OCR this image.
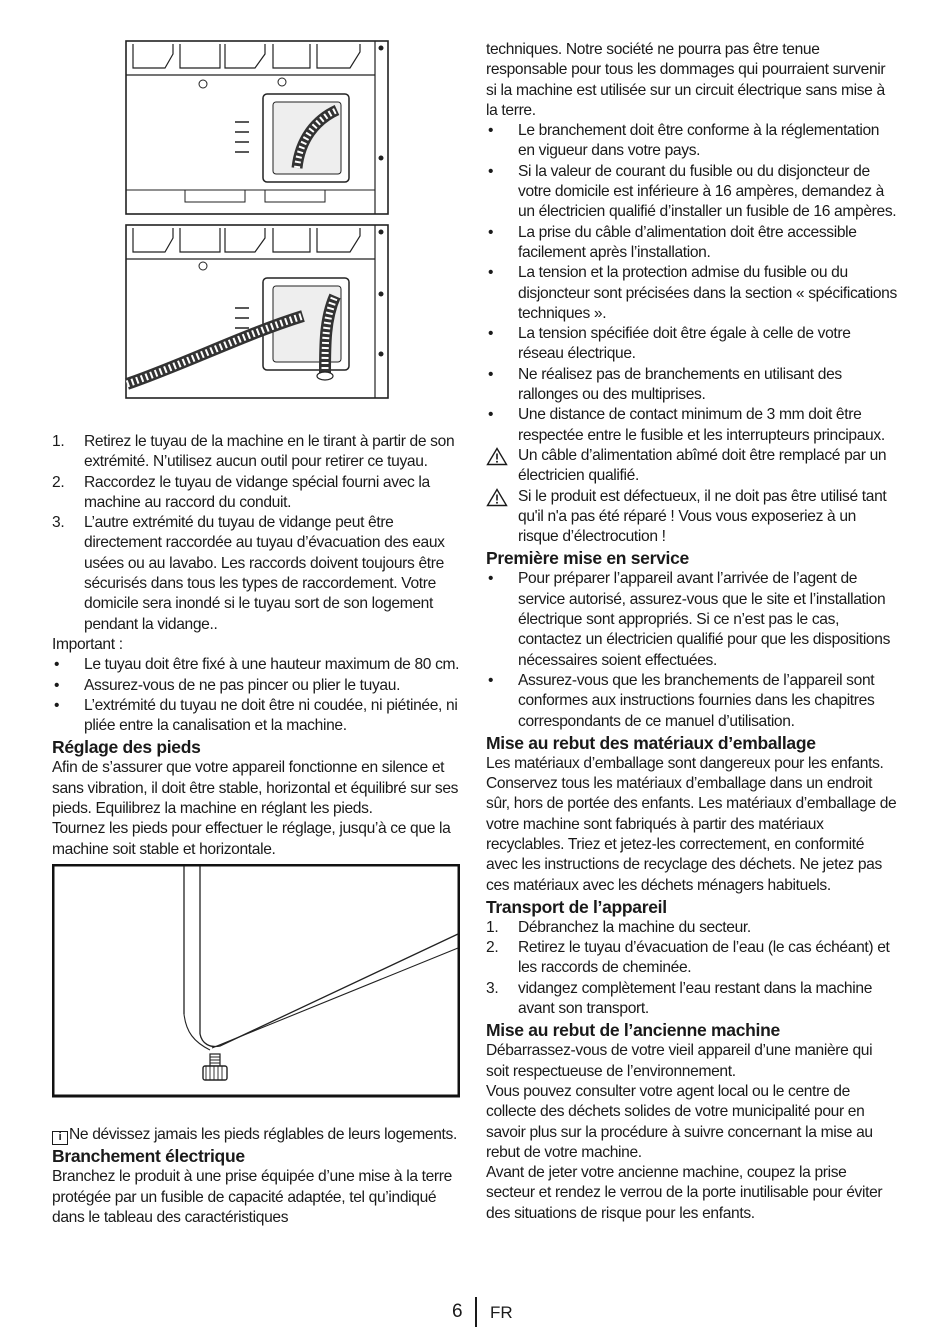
1.	Retirez le tuyau de la machine en le tirant à partir de son extrémité. N’utilisez aucun outil pour retirer ce tuyau.
2.	Raccordez le tuyau de vidange spécial fourni avec la machine au raccord du conduit.
3.	L’autre extrémité du tuyau de vidange peut être directement raccordée au tuyau d’évacuation des eaux usées ou au lavabo. Les raccords doivent toujours être sécurisés dans tous les types de raccordement. Votre domicile sera inondé si le tuyau sort de son logement pendant la vidange..

Important :

•	Le tuyau doit être fixé à une hauteur maximum de 80 cm.
•	Assurez-vous de ne pas pincer ou plier le tuyau.
•	L’extrémité du tuyau ne doit être ni coudée, ni piétinée, ni pliée entre la canalisation et la machine.
Réglage des pieds

Afin de s’assurer que votre appareil fonctionne en silence et sans vibration, il doit être stable, horizontal et équilibré sur ses pieds. Equilibrez la machine en réglant les pieds.

Tournez les pieds pour effectuer le réglage, jusqu’à ce que la machine soit stable et horizontale.

i Ne dévissez jamais les pieds réglables de leurs logements.

Branchement électrique

Branchez le produit à une prise équipée d’une mise à la terre protégée par un fusible de capacité adaptée, tel qu’indiqué dans le tableau des caractéristiques

techniques. Notre société ne pourra pas être tenue responsable pour tous les dommages qui pourraient survenir si la machine est utilisée sur un circuit électrique sans mise à la terre.

•	Le branchement doit être conforme à la réglementation en vigueur dans votre pays.
•	Si la valeur de courant du fusible ou du disjoncteur de votre domicile est inférieure à 16 ampères, demandez à un électricien qualifié d’installer un fusible de 16 ampères.
•	La prise du câble d’alimentation doit être accessible facilement après l’installation.
•	La tension et la protection admise du fusible ou du disjoncteur sont précisées dans la section « spécifications techniques ».
•	La tension spécifiée doit être égale à celle de votre réseau électrique.
•	Ne réalisez pas de branchements en utilisant des rallonges ou des multiprises.
•	Une distance de contact minimum de 3 mm doit être respectée entre le fusible et les interrupteurs principaux.
Un câble d’alimentation abîmé doit être remplacé par un électricien qualifié.
Si le produit est défectueux, il ne doit pas être utilisé tant qu'il n'a pas été réparé ! Vous vous exposeriez à un risque d’électrocution !
Première mise en service
•	Pour préparer l’appareil avant l’arrivée de l’agent de service autorisé, assurez-vous que le site et l’installation électrique sont appropriés. Si ce n’est pas le cas, contactez un électricien qualifié pour que les dispositions nécessaires soient effectuées.
•	Assurez-vous que les branchements de l’appareil sont conformes aux instructions fournies dans les chapitres correspondants de ce manuel d’utilisation.
Mise au rebut des matériaux d’emballage

Les matériaux d’emballage sont dangereux pour les enfants. Conservez tous les matériaux d’emballage dans un endroit sûr, hors de portée des enfants. Les matériaux d’emballage de votre machine sont fabriqués à partir des matériaux recyclables. Triez et jetez-les correctement, en conformité avec les instructions de recyclage des déchets. Ne jetez pas ces matériaux avec les déchets ménagers habituels.

Transport de l’appareil
1.	Débranchez la machine du secteur.
2.	Retirez le tuyau d’évacuation de l’eau (le cas échéant) et les raccords de cheminée.
3.	vidangez complètement l’eau restant dans la machine avant son transport.
Mise au rebut de l’ancienne machine

Débarrassez-vous de votre vieil appareil d’une manière qui soit respectueuse de l’environnement.

Vous pouvez consulter votre agent local ou le centre de collecte des déchets solides de votre municipalité pour en savoir plus sur la procédure à suivre concernant la mise au rebut de votre machine.

Avant de jeter votre ancienne machine, coupez la prise secteur et rendez le verrou de la porte inutilisable pour éviter des situations de risque pour les enfants.

6 FR
